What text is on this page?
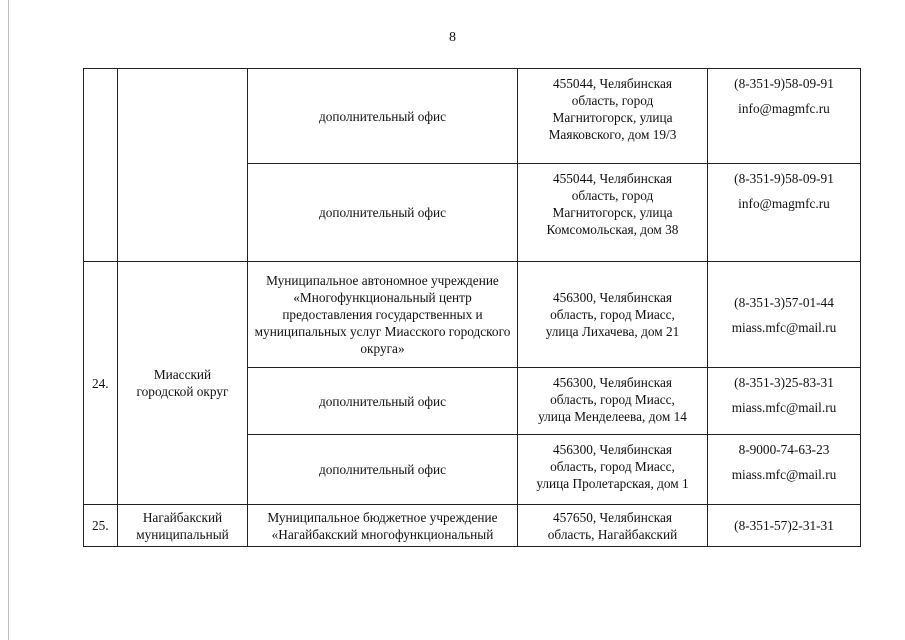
8
		дополнительный офис	455044, Челябинская
область, город
Магнитогорск, улица
Маяковского, дом 19/3	(8-351-9)58-09-91
info@magmfc.ru

		дополнительный офис	455044, Челябинская
область, город
Магнитогорск, улица
Комсомольская, дом 38	(8-351-9)58-09-91
info@magmfc.ru

24.	Миасский городской округ	Муниципальное автономное учреждение «Многофункциональный центр предоставления государственных и муниципальных услуг Миасского городского округа»	456300, Челябинская
область, город Миасс,
улица Лихачева, дом 21	(8-351-3)57-01-44
miass.mfc@mail.ru

		дополнительный офис	456300, Челябинская
область, город Миасс,
улица Менделеева, дом 14	(8-351-3)25-83-31
miass.mfc@mail.ru

		дополнительный офис	456300, Челябинская
область, город Миасс,
улица Пролетарская, дом 1	8-9000-74-63-23
miass.mfc@mail.ru

25.	Нагайбакский муниципальный	Муниципальное бюджетное учреждение «Нагайбакский многофункциональный	457650, Челябинская
область, Нагайбакский	(8-351-57)2-31-31
